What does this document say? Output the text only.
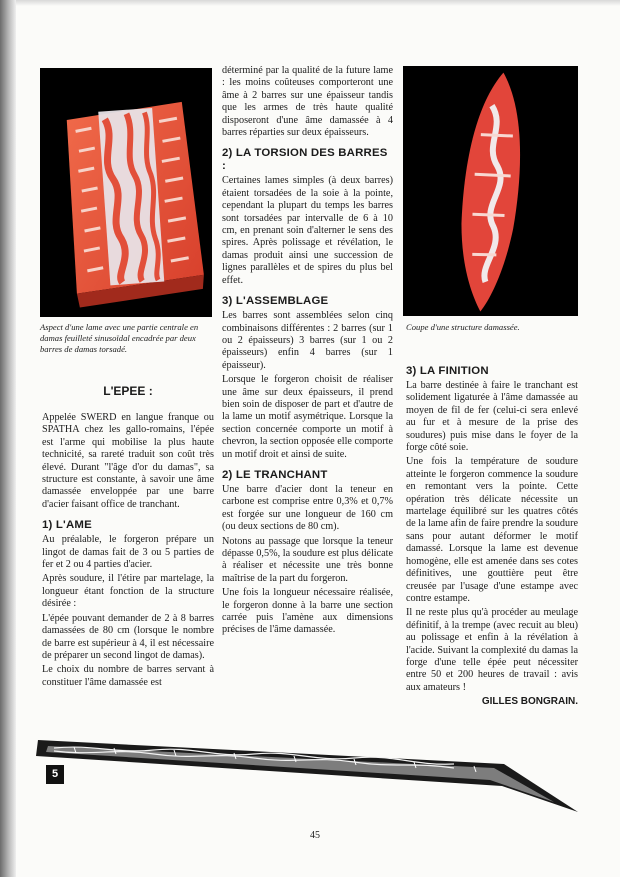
Aspect d'une lame avec une partie centrale en damas feuilleté sinusoïdal encadrée par deux barres de damas torsadé.
Coupe d'une structure damassée.
L'EPEE :

Appelée SWERD en langue franque ou SPATHA chez les gallo-romains, l'épée est l'arme qui mobilise la plus haute technicité, sa rareté traduit son coût très élevé. Durant "l'âge d'or du damas", sa structure est constante, à savoir une âme damassée enveloppée par une barre d'acier faisant office de tranchant.

1) L'AME

Au préalable, le forgeron prépare un lingot de damas fait de 3 ou 5 parties de fer et 2 ou 4 parties d'acier.

Après soudure, il l'étire par martelage, la longueur étant fonction de la structure désirée :

L'épée pouvant demander de 2 à 8 barres damassées de 80 cm (lorsque le nombre de barre est supérieur à 4, il est nécessaire de préparer un second lingot de damas).

Le choix du nombre de barres servant à constituer l'âme damassée est

déterminé par la qualité de la future lame : les moins coûteuses comporteront une âme à 2 barres sur une épaisseur tandis que les armes de très haute qualité disposeront d'une âme damassée à 4 barres réparties sur deux épaisseurs.

2) LA TORSION DES BARRES :

Certaines lames simples (à deux barres) étaient torsadées de la soie à la pointe, cependant la plupart du temps les barres sont torsadées par intervalle de 6 à 10 cm, en prenant soin d'alterner le sens des spires. Après polissage et révélation, le damas produit ainsi une succession de lignes parallèles et de spires du plus bel effet.

3) L'ASSEMBLAGE

Les barres sont assemblées selon cinq combinaisons différentes : 2 barres (sur 1 ou 2 épaisseurs) 3 barres (sur 1 ou 2 épaisseurs) enfin 4 barres (sur 1 épaisseur).

Lorsque le forgeron choisit de réaliser une âme sur deux épaisseurs, il prend bien soin de disposer de part et d'autre de la lame un motif asymétrique. Lorsque la section concernée comporte un motif à chevron, la section opposée elle comporte un motif droit et ainsi de suite.

2) LE TRANCHANT

Une barre d'acier dont la teneur en carbone est comprise entre 0,3% et 0,7% est forgée sur une longueur de 160 cm (ou deux sections de 80 cm).

Notons au passage que lorsque la teneur dépasse 0,5%, la soudure est plus délicate à réaliser et nécessite une très bonne maîtrise de la part du forgeron.

Une fois la longueur nécessaire réalisée, le forgeron donne à la barre une section carrée puis l'amène aux dimensions précises de l'âme damassée.

3) LA FINITION

La barre destinée à faire le tranchant est solidement ligaturée à l'âme damassée au moyen de fil de fer (celui-ci sera enlevé au fur et à mesure de la prise des soudures) puis mise dans le foyer de la forge côté soie.

Une fois la température de soudure atteinte le forgeron commence la soudure en remontant vers la pointe. Cette opération très délicate nécessite un martelage équilibré sur les quatres côtés de la lame afin de faire prendre la soudure sans pour autant déformer le motif damassé. Lorsque la lame est devenue homogène, elle est amenée dans ses cotes définitives, une gouttière peut être creusée par l'usage d'une estampe avec contre estampe.

Il ne reste plus qu'à procéder au meulage définitif, à la trempe (avec recuit au bleu) au polissage et enfin à la révélation à l'acide. Suivant la complexité du damas la forge d'une telle épée peut nécessiter entre 50 et 200 heures de travail : avis aux amateurs !

GILLES BONGRAIN.
5
45
